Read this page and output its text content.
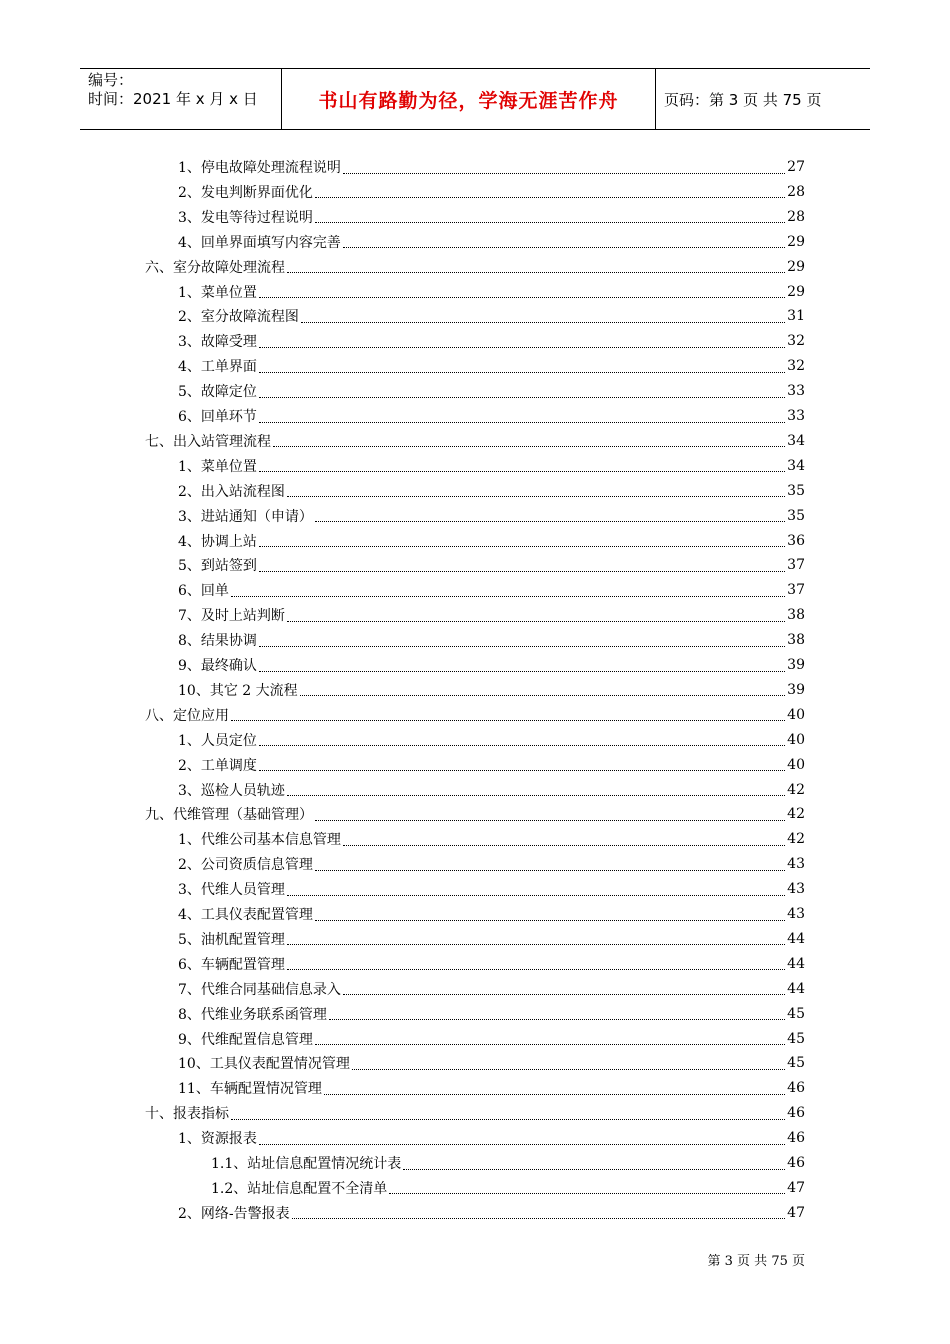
编号：
时间：2021 年 x 月 x 日	书山有路勤为径，学海无涯苦作舟	页码：第 3 页 共 75 页
1、停电故障处理流程说明	27
2、发电判断界面优化	28
3、发电等待过程说明	28
4、回单界面填写内容完善	29
六、室分故障处理流程	29
1、菜单位置	29
2、室分故障流程图	31
3、故障受理	32
4、工单界面	32
5、故障定位	33
6、回单环节	33
七、出入站管理流程	34
1、菜单位置	34
2、出入站流程图	35
3、进站通知（申请）	35
4、协调上站	36
5、到站签到	37
6、回单	37
7、及时上站判断	38
8、结果协调	38
9、最终确认	39
10、其它 2 大流程	39
八、定位应用	40
1、人员定位	40
2、工单调度	40
3、巡检人员轨迹	42
九、代维管理（基础管理）	42
1、代维公司基本信息管理	42
2、公司资质信息管理	43
3、代维人员管理	43
4、工具仪表配置管理	43
5、油机配置管理	44
6、车辆配置管理	44
7、代维合同基础信息录入	44
8、代维业务联系函管理	45
9、代维配置信息管理	45
10、工具仪表配置情况管理	45
11、车辆配置情况管理	46
十、报表指标	46
1、资源报表	46
1.1、站址信息配置情况统计表	46
1.2、站址信息配置不全清单	47
2、网络-告警报表	47
第 3 页 共 75 页
